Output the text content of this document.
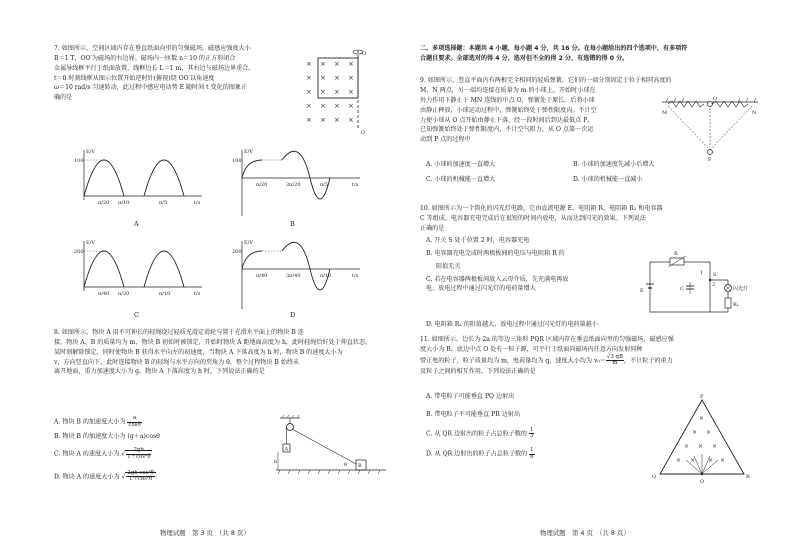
7. 如图所示，空间区域内存在垂直纸面向里的匀强磁场，磁感应强度大小

B＝1 T，OO′为磁场的右边界。磁场内一匝数 n＝10 的正方形闭合

金属导线框平行于纸面放置，线框边长 L＝1 m，其右边与磁场边界重合。

t＝0 时刻线框从图示位置开始逆时针(俯视)绕 OO′以角速度

ω＝10 rad/s 匀速转动，此过程中感应电动势 E 随时间 t 变化的图象正

确的是

× × × ×
× × × ×
× × × ×
× × × ×
× × × ×
O
O′
E/V
t/s
100
π/20 π/10	π/5
A
E/V
t/s
100
π/20	3π/20	π/5
B
E/V
t/s
200
π/40 π/20	π/10
C
E/V
t/s
200
π/40	3π/40	π/10
D

8. 如图所示，物块 A 用不可伸长的轻绳绕过轻质光滑定滑轮与置于光滑水平面上的物块 B 连

接，物块 A、B 的质量均为 m，物块 B 初始时被锁定，开始时物块 A 距地面高度为 h，此时轻绳恰好处于伸直状态。

某时刻解除锁定，同时使物块 B 获得水平向左的初速度，当物块 A 下落高度为 h 时，物块 B 的速度大小为

v，方向竖直向下，此时连接物块 B 的轻绳与水平方向的夹角为 θ，整个过程物块 B 始终未

离开地面，重力加速度大小为 g。物块 A 下落高度为 h 时，下列说法正确的是

A. 物块 B 的加速度大小为 $\frac{a}{\cos\theta}$

B. 物块 B 的加速度大小为 (g＋a)cosθ

C. 物块 A 的速度大小为 √ $\frac{2gh}{\text{1＋cos²θ}}$

D. 物块 A 的速度大小为 √ $\frac{\text{2gh cos²θ}}{\text{1＋cos²θ}}$

A
h
B
θ
物理试题　第 3 页　（共 8 页）

二、多项选择题：本题共 4 小题，每小题 4 分，共 16 分。在每小题给出的四个选项中，有多项符

合题目要求。全部选对的得 4 分，选对但不全的得 2 分，有选错的得 0 分。

9. 如图所示，竖直平面内有两根完全相同的轻质弹簧，它们的一端分别固定于位于相同高度的

M、N 两点，另一端均连接在质量为 m 的小球上，开始时小球在

外力作用下静止于 MN 连线的中点 O，弹簧处于原长。后将小球

由静止释放，小球运动过程中，弹簧始终处于弹性限度内。不计空

力使小球从 O 点开始由静止下落，经一段时间后到达最低点 P。

已知弹簧始终处于弹性限度内，不计空气阻力，从 O 点第一次运

动到 P 点的过程中

M	N
O
P
A. 小球的加速度一直增大	B. 小球的加速度先减小后增大
C. 小球的机械能一直增大	D. 小球的机械能一直减小

10. 如图所示为一个简化的闪光灯电路，它由直流电源 E、电阻箱 R、电阻箱 R₁ 和电容器

C 等组成。电容器充电完成后在很短的时间内放电，从而达到闪光的效果。下列说法

正确的是

A. 开关 S 处于位置 2 时，电容器充电

B. 电容器充电完成时两极板间的电压与电阻箱 R 的

阻值无关

C. 若在电容器两极板间放入云母介质，先充满电再放

电，放电过程中通过闪光灯的电荷量增大

D. 电阻箱 R₁ 的阻值越大，放电过程中通过闪光灯的电荷量越小
R
E	C
S
1
2
闪光灯
R₁

11. 如图所示，边长为 2a 的等边三角形 PQR 区域内存在垂直纸面向里的匀强磁场，磁感应强

度大小为 B。底边中点 O 处有一粒子源，可平行于纸面向磁场内任意方向发射同种

带正电的粒子，粒子质量均为 m，电荷量均为 q，速度大小均为 $v_0= \frac{√3 qB}{m}$ ，不计粒子的重力

及粒子之间的相互作用，下列说法正确的是

A. 带电粒子可能垂直 PQ 边射出

B. 带电粒子不可能垂直 PR 边射出

C. 从 QR 边射出的粒子占总粒子数的 $\frac{1}{3}$

D. 从 QR 边射出的粒子占总粒子数的 $\frac{1}{6}$

×
× ×
× × ×
× × × ×
P
Q	R
O
物理试题　第 4 页　（共 8 页）
